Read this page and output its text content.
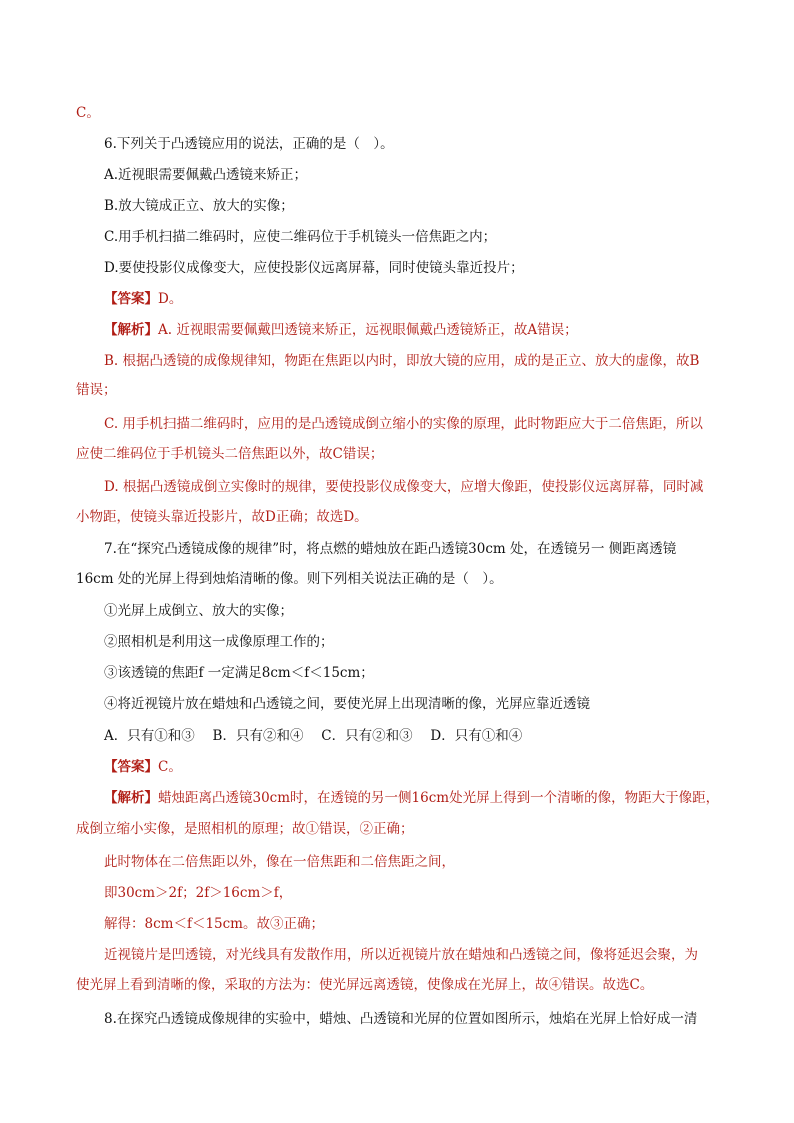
C。
6.下列关于凸透镜应用的说法，正确的是（　）。
A.近视眼需要佩戴凸透镜来矫正；
B.放大镜成正立、放大的实像；
C.用手机扫描二维码时，应使二维码位于手机镜头一倍焦距之内；
D.要使投影仪成像变大，应使投影仪远离屏幕，同时使镜头靠近投片；
【答案】D。
【解析】A. 近视眼需要佩戴凹透镜来矫正，远视眼佩戴凸透镜矫正，故A错误；
B. 根据凸透镜的成像规律知，物距在焦距以内时，即放大镜的应用，成的是正立、放大的虚像，故B
错误；
C. 用手机扫描二维码时，应用的是凸透镜成倒立缩小的实像的原理，此时物距应大于二倍焦距，所以
应使二维码位于手机镜头二倍焦距以外，故C错误；
D. 根据凸透镜成倒立实像时的规律，要使投影仪成像变大，应增大像距，使投影仪远离屏幕，同时减
小物距，使镜头靠近投影片，故D正确；故选D。
7.在“探究凸透镜成像的规律”时，将点燃的蜡烛放在距凸透镜30cm 处，在透镜另一 侧距离透镜
16cm 处的光屏上得到烛焰清晰的像。则下列相关说法正确的是（　）。
①光屏上成倒立、放大的实像；
②照相机是利用这一成像原理工作的；
③该透镜的焦距f 一定满足8cm＜f＜15cm；
④将近视镜片放在蜡烛和凸透镜之间，要使光屏上出现清晰的像，光屏应靠近透镜
A．只有①和③　 B．只有②和④　 C．只有②和③　 D．只有①和④
【答案】C。
【解析】蜡烛距离凸透镜30cm时，在透镜的另一侧16cm处光屏上得到一个清晰的像，物距大于像距，
成倒立缩小实像，是照相机的原理；故①错误，②正确；
此时物体在二倍焦距以外，像在一倍焦距和二倍焦距之间，
即30cm＞2f；2f＞16cm＞f，
解得：8cm＜f＜15cm。故③正确；
近视镜片是凹透镜，对光线具有发散作用，所以近视镜片放在蜡烛和凸透镜之间，像将延迟会聚，为
使光屏上看到清晰的像，采取的方法为：使光屏远离透镜，使像成在光屏上，故④错误。故选C。
8.在探究凸透镜成像规律的实验中，蜡烛、凸透镜和光屏的位置如图所示，烛焰在光屏上恰好成一清
